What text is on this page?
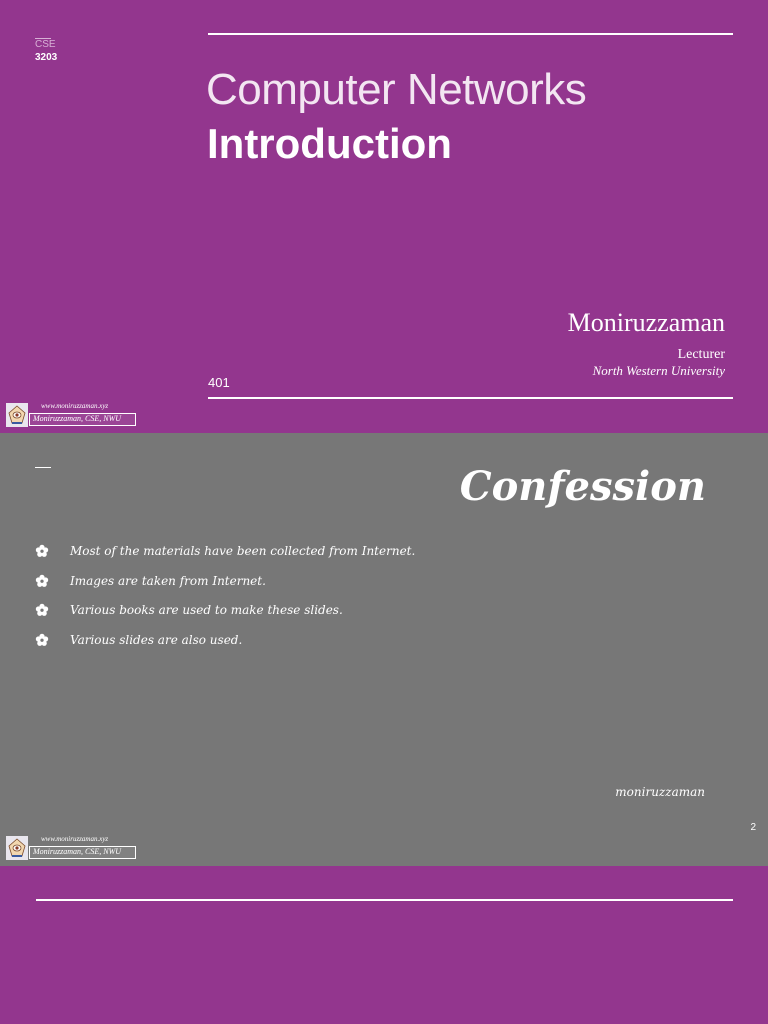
CSE
3203
Computer Networks
Introduction
Moniruzzaman
Lecturer
North Western University
401
www.moniruzzaman.xyz
Moniruzzaman, CSE, NWU
Confession
Most of the materials have been collected from Internet.
Images are taken from Internet.
Various books are used to make these slides.
Various slides are also used.
moniruzzaman
2
www.moniruzzaman.xyz
Moniruzzaman, CSE, NWU
